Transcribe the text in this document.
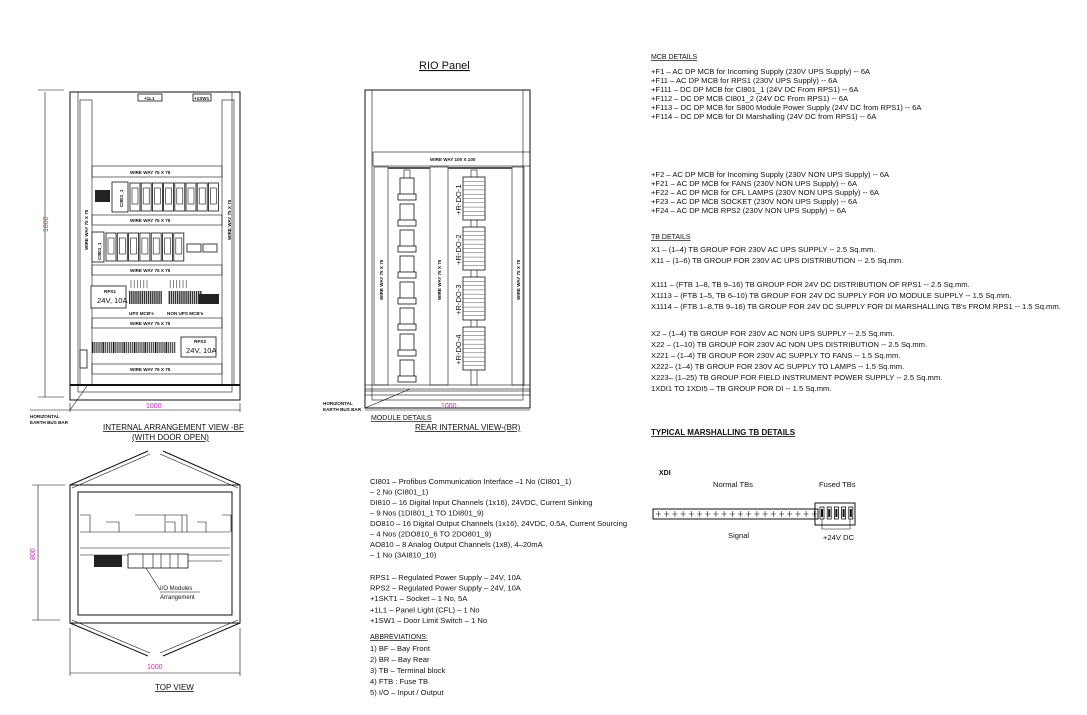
WIRE WAY 75 X 75	WIRE WAY 75 X 75
+1L1	+1SW1
WIRE WAY 75 X 75
CI801_1
WIRE WAY 75 X 75
CI801_1
WIRE WAY 75 X 75
RPS1
24V, 10A
UPS MCB's	NON UPS MCB's
WIRE WAY 75 X 75
RPS2
24V, 10A
WIRE WAY 75 X 75
HORIZONTAL
EARTH BUS BAR
1800
1000
INTERNAL ARRANGEMENT VIEW -BF
(WITH DOOR OPEN)
RIO Panel
WIRE WAY 100 X 100
WIRE WAY 75 X 75	WIRE WAY 75 X 75	WIRE WAY 75 X 75
+R-DO-1
+R-DO-2
+R-DO-3
+R-DO-4
HORIZONTAL
EARTH BUS BAR	1000
MODULE DETAILS
REAR INTERNAL VIEW-(BR)
I/O Modules
Arrangement
800
1000
TOP VIEW
CI801 – Profibus Communication Interface –1 No (CI801_1)
– 2 No (CI801_1)
DI810 – 16 Digital Input Channels (1x16), 24VDC, Current Sinking
– 9 Nos (1DI801_1 TO 1DI801_9)
DO810 – 16 Digital Output Channels (1x16), 24VDC, 0.5A, Current Sourcing
– 4 Nos (2DO810_6 TO 2DO801_9)
AO810 – 8 Analog Output Channels (1x8), 4–20mA
– 1 No (3AI810_10)
RPS1 – Regulated Power Supply – 24V, 10A
RPS2 – Regulated Power Supply – 24V, 10A
+1SKT1 – Socket – 1 No, 5A
+1L1 – Panel Light (CFL) – 1 No
+1SW1 – Door Limit Switch – 1 No
ABBREVIATIONS:
1) BF – Bay Front
2) BR – Bay Rear
3) TB – Terminal block
4) FTB : Fuse TB
5) I/O – Input / Output
MCB DETAILS
+F1 – AC DP MCB for Incoming Supply (230V UPS Supply) -- 6A
+F11 – AC DP MCB for RPS1 (230V UPS Supply) -- 6A
+F111 – DC DP MCB for CI801_1 (24V DC From RPS1) -- 6A
+F112 – DC DP MCB CI801_2 (24V DC From RPS1) -- 6A
+F113 – DC DP MCB for S800 Module Power Supply (24V DC from RPS1) -- 6A
+F114 – DC DP MCB for DI Marshalling (24V DC from RPS1) -- 6A
+F2 – AC DP MCB for Incoming Supply (230V NON UPS Supply) -- 6A
+F21 – AC DP MCB for FANS (230V NON UPS Supply) -- 6A
+F22 – AC DP MCB for CFL LAMPS (230V NON UPS Supply) -- 6A
+F23 – AC DP MCB SOCKET (230V NON UPS Supply) -- 6A
+F24 – AC DP MCB RPS2 (230V NON UPS Supply) -- 6A
TB DETAILS
X1 – (1–4) TB GROUP FOR 230V AC UPS SUPPLY -- 2.5 Sq.mm.
X11 – (1–6) TB GROUP FOR 230V AC UPS DISTRIBUTION -- 2.5 Sq.mm.
X111 – (FTB 1–8, TB 9–16) TB GROUP FOR 24V DC DISTRIBUTION OF RPS1 -- 2.5 Sq.mm.
X1113 – (FTB 1–5, TB 6–10) TB GROUP FOR 24V DC SUPPLY FOR I/O MODULE SUPPLY -- 1.5 Sq.mm.
X1114 – (FTB 1–8,TB 9–16) TB GROUP FOR 24V DC SUPPLY FOR DI MARSHALLING TB's FROM RPS1 -- 1.5 Sq.mm.
X2 – (1–4) TB GROUP FOR 230V AC NON UPS SUPPLY -- 2.5 Sq.mm.
X22 – (1–10) TB GROUP FOR 230V AC NON UPS DISTRIBUTION -- 2.5 Sq.mm.
X221 – (1–4) TB GROUP FOR 230V AC SUPPLY TO FANS -- 1.5 Sq.mm.
X222– (1–4) TB GROUP FOR 230V AC SUPPLY TO LAMPS -- 1.5 Sq.mm.
X223– (1–25) TB GROUP FOR FIELD INSTRUMENT POWER SUPPLY -- 2.5 Sq.mm.
1XDI1 TO 1XDI5 – TB GROUP FOR DI -- 1.5 Sq.mm.
TYPICAL MARSHALLING TB DETAILS
XDI
Normal TBs	Fused TBs
Signal	+24V DC
